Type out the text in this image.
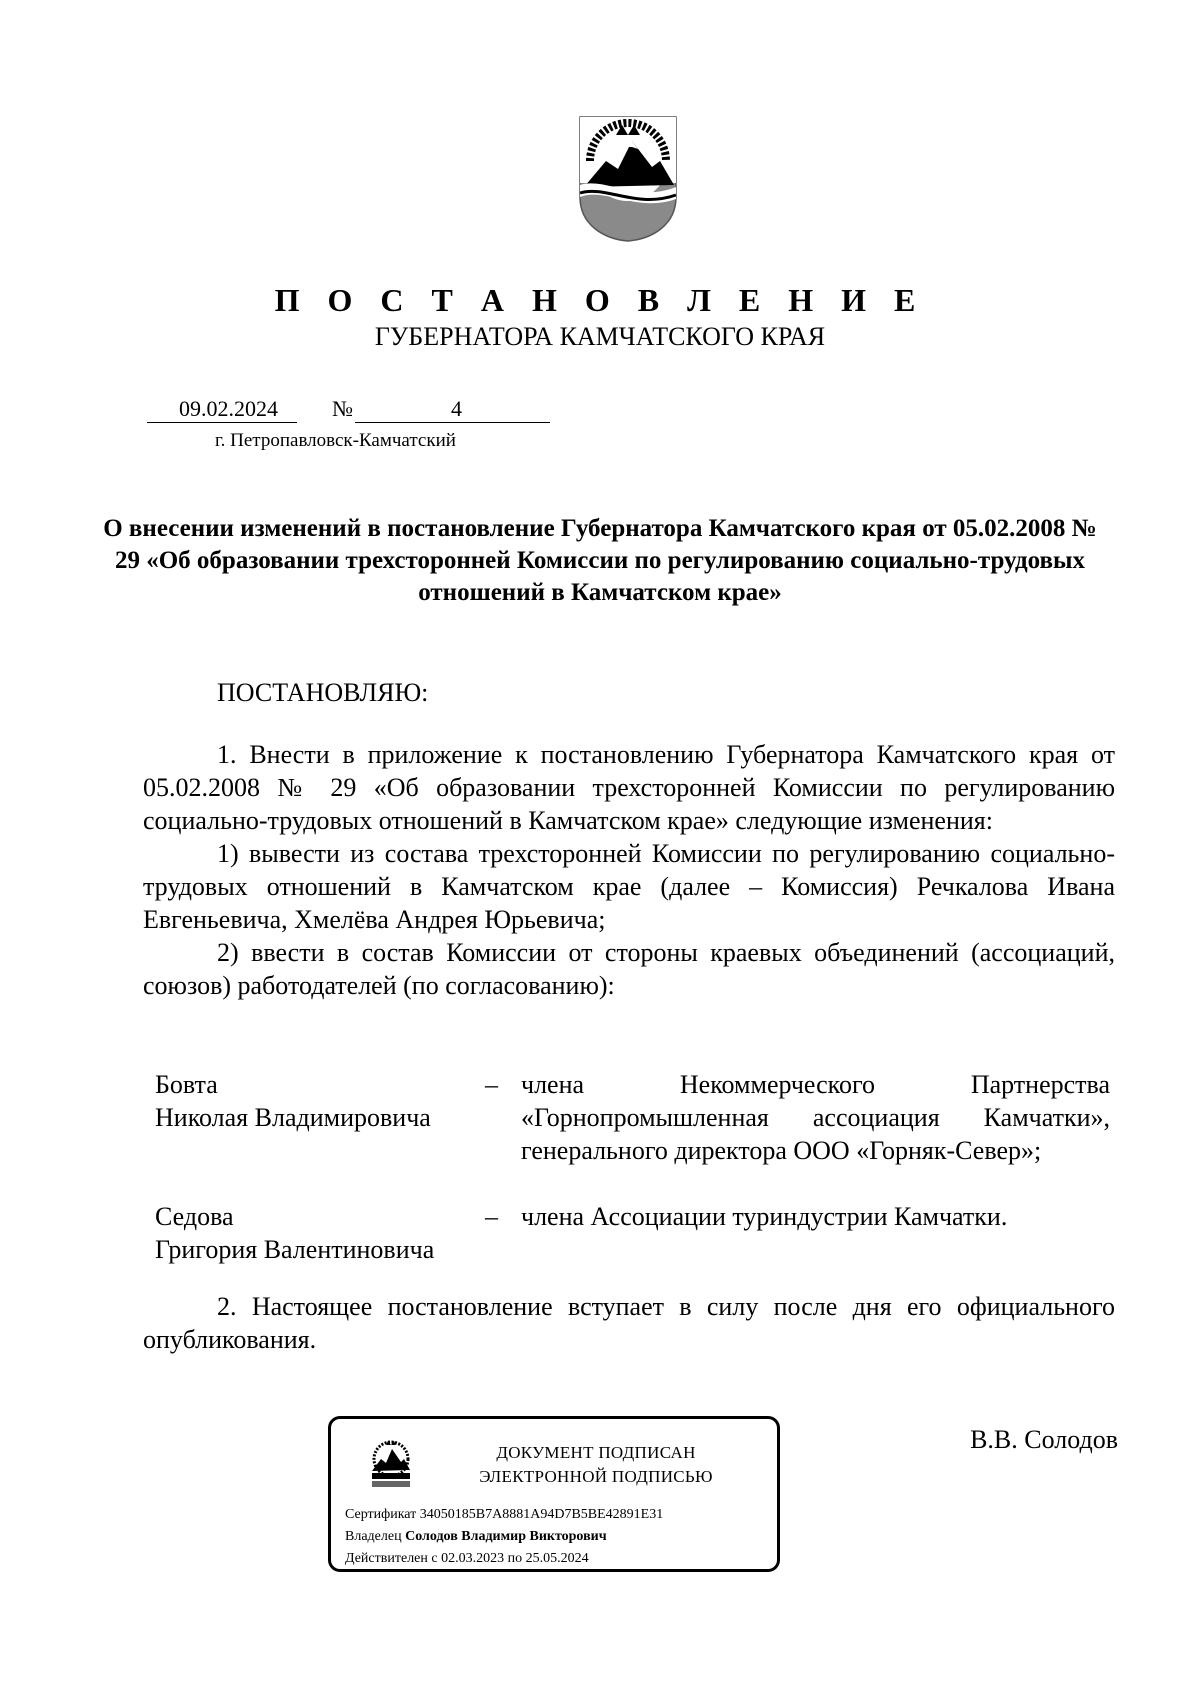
П О С Т А Н О В Л Е Н И Е
ГУБЕРНАТОРА КАМЧАТСКОГО КРАЯ
09.02.2024 №	4
г. Петропавловск-Камчатский
О внесении изменений в постановление Губернатора Камчатского края от 05.02.2008 № 29 «Об образовании трехсторонней Комиссии по регулированию социально-трудовых отношений в Камчатском крае»
ПОСТАНОВЛЯЮ:
1. Внести в приложение к постановлению Губернатора Камчатского края от 05.02.2008 № 29 «Об образовании трехсторонней Комиссии по регулированию социально-трудовых отношений в Камчатском крае» следующие изменения:
1) вывести из состава трехсторонней Комиссии по регулированию социально-трудовых отношений в Камчатском крае (далее – Комиссия) Речкалова Ивана Евгеньевича, Хмелёва Андрея Юрьевича;
2) ввести в состав Комиссии от стороны краевых объединений (ассоциаций, союзов) работодателей (по согласованию):
Бовта
Николая Владимировича
– члена Некоммерческого Партнерства «Горнопромышленная ассоциация Камчатки», генерального директора ООО «Горняк-Север»;
Седова
Григория Валентиновича
– члена Ассоциации туриндустрии Камчатки.
2. Настоящее постановление вступает в силу после дня его официального опубликования.
ДОКУМЕНТ ПОДПИСАН
ЭЛЕКТРОННОЙ ПОДПИСЬЮ
Сертификат 34050185B7A8881A94D7B5BE42891E31
Владелец Солодов Владимир Викторович
Действителен с 02.03.2023 по 25.05.2024
В.В. Солодов
